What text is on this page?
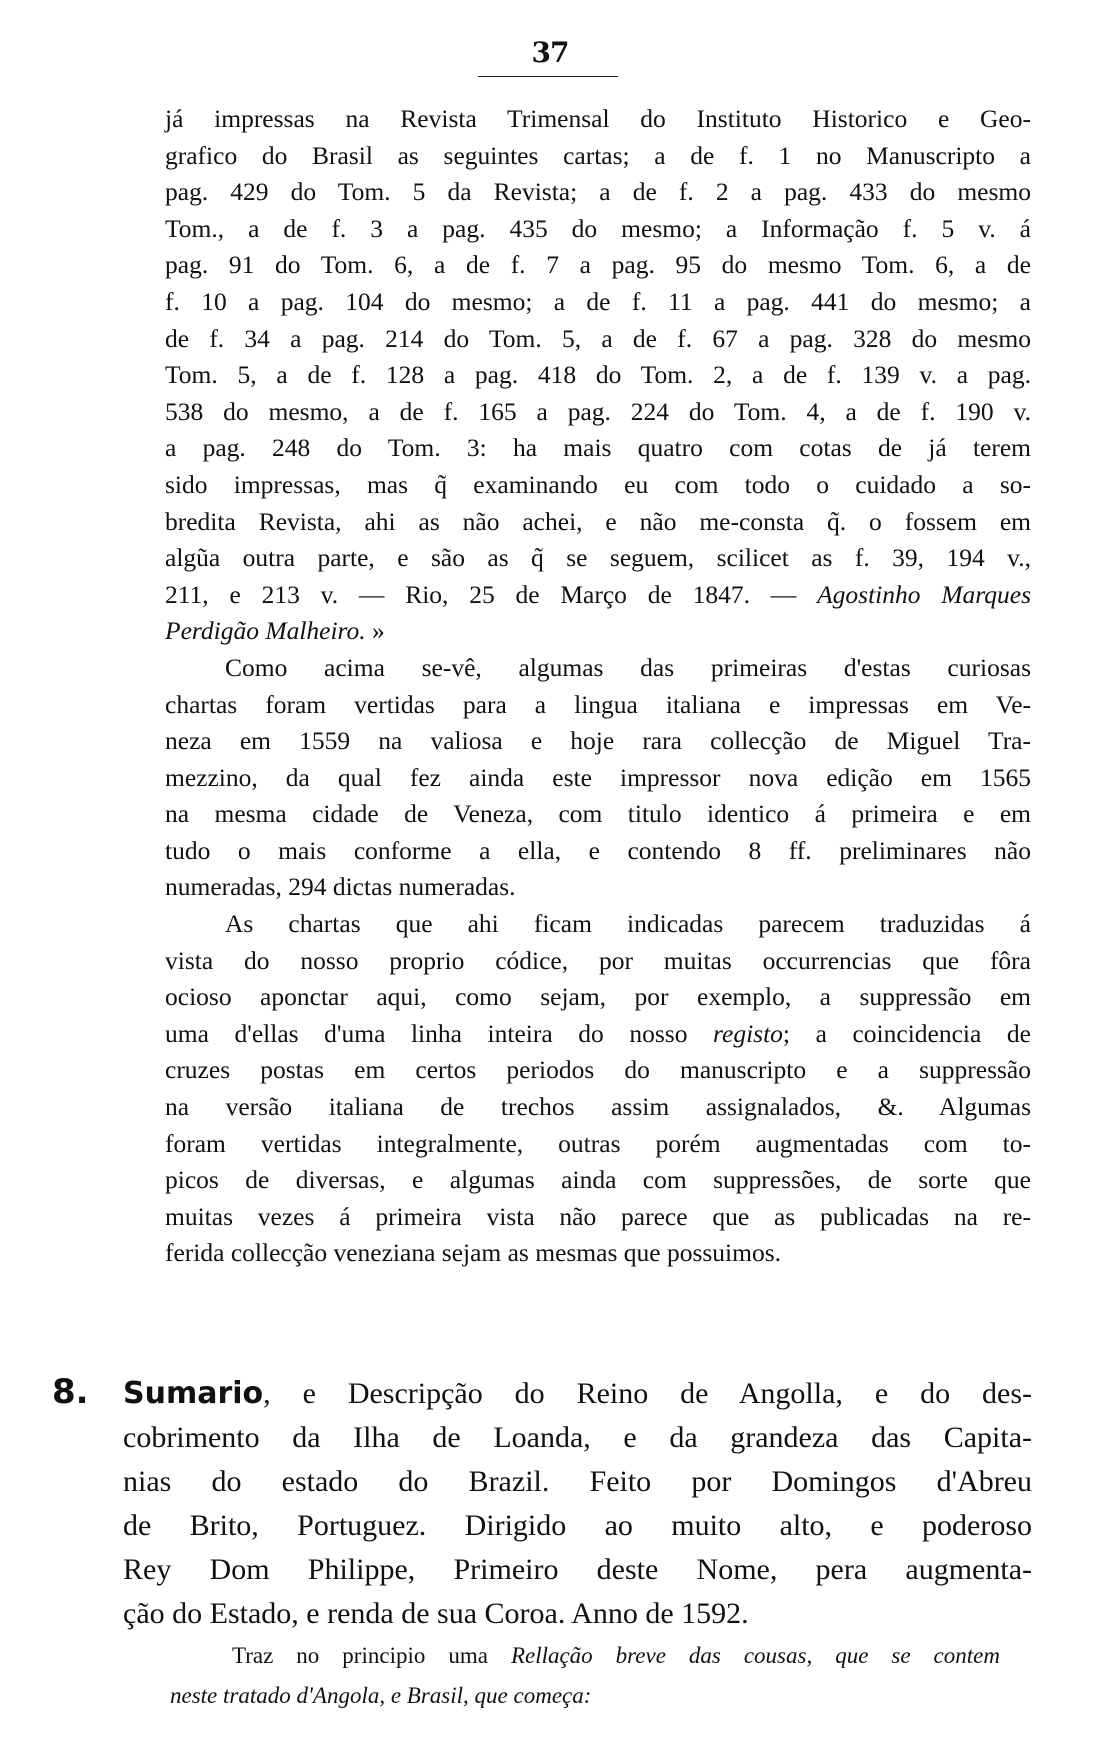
37
já impressas na Revista Trimensal do Instituto Historico e Geo-
grafico do Brasil as seguintes cartas; a de f. 1 no Manuscripto a
pag. 429 do Tom. 5 da Revista; a de f. 2 a pag. 433 do mesmo
Tom., a de f. 3 a pag. 435 do mesmo; a Informação f. 5 v. á
pag. 91 do Tom. 6, a de f. 7 a pag. 95 do mesmo Tom. 6, a de
f. 10 a pag. 104 do mesmo; a de f. 11 a pag. 441 do mesmo; a
de f. 34 a pag. 214 do Tom. 5, a de f. 67 a pag. 328 do mesmo
Tom. 5, a de f. 128 a pag. 418 do Tom. 2, a de f. 139 v. a pag.
538 do mesmo, a de f. 165 a pag. 224 do Tom. 4, a de f. 190 v.
a pag. 248 do Tom. 3: ha mais quatro com cotas de já terem
sido impressas, mas q̃ examinando eu com todo o cuidado a so-
bredita Revista, ahi as não achei, e não me-consta q̃. o fossem em
algũa outra parte, e são as q̃ se seguem, scilicet as f. 39, 194 v.,
211, e 213 v. — Rio, 25 de Março de 1847. — Agostinho Marques
Perdigão Malheiro. »
Como acima se-vê, algumas das primeiras d'estas curiosas
chartas foram vertidas para a lingua italiana e impressas em Ve-
neza em 1559 na valiosa e hoje rara collecção de Miguel Tra-
mezzino, da qual fez ainda este impressor nova edição em 1565
na mesma cidade de Veneza, com titulo identico á primeira e em
tudo o mais conforme a ella, e contendo 8 ff. preliminares não
numeradas, 294 dictas numeradas.
As chartas que ahi ficam indicadas parecem traduzidas á
vista do nosso proprio códice, por muitas occurrencias que fôra
ocioso aponctar aqui, como sejam, por exemplo, a suppressão em
uma d'ellas d'uma linha inteira do nosso registo; a coincidencia de
cruzes postas em certos periodos do manuscripto e a suppressão
na versão italiana de trechos assim assignalados, &. Algumas
foram vertidas integralmente, outras porém augmentadas com to-
picos de diversas, e algumas ainda com suppressões, de sorte que
muitas vezes á primeira vista não parece que as publicadas na re-
ferida collecção veneziana sejam as mesmas que possuimos.
8. Sumario, e Descripção do Reino de Angolla, e do des-
cobrimento da Ilha de Loanda, e da grandeza das Capita-
nias do estado do Brazil. Feito por Domingos d'Abreu
de Brito, Portuguez. Dirigido ao muito alto, e poderoso
Rey Dom Philippe, Primeiro deste Nome, pera augmenta-
ção do Estado, e renda de sua Coroa. Anno de 1592.
Traz no principio uma Rellação breve das cousas, que se contem
neste tratado d'Angola, e Brasil, que começa:
